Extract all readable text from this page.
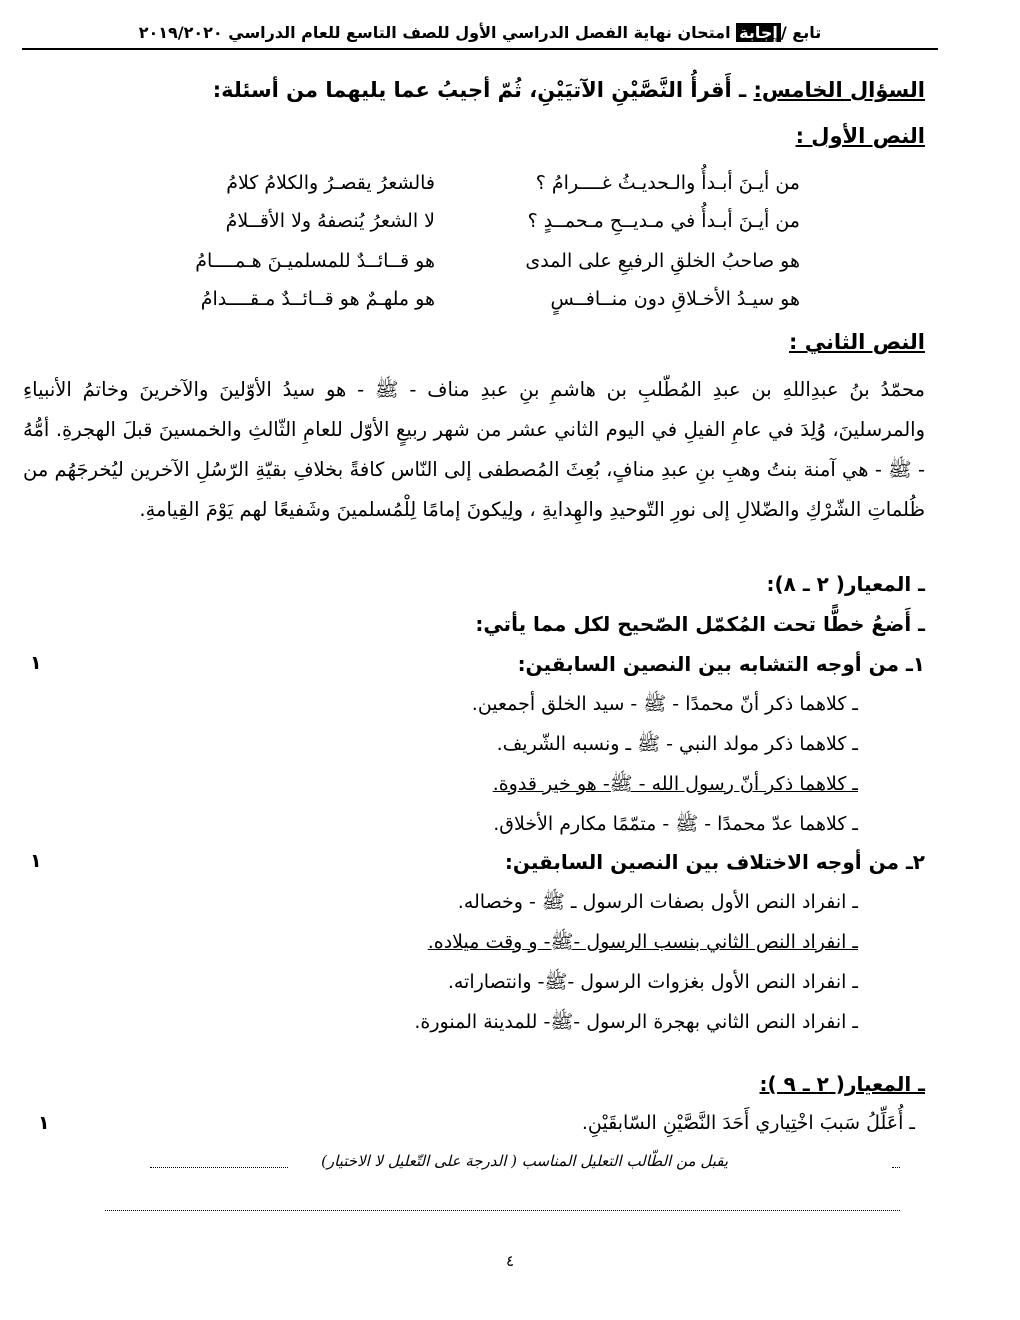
تابع /إجابة امتحان نهاية الفصل الدراسي الأول للصف التاسع للعام الدراسي ٢٠١٩/٢٠٢٠
السؤال الخامس: ـ أَقرأُ النَّصَّيْنِ الآتيَيْنِ، ثُمّ أجيبُ عما يليهما من أسئلة:
النص الأول :
من أيـنَ أبـدأُ والـحديـثُ غــــرامُ ؟
فالشعرُ يقصـرُ والكلامُ كلامُ
من أيـنَ أبـدأُ في مـديــحِ مـحمــدٍ ؟
لا الشعرُ يُنصفهُ ولا الأقــلامُ
هو صاحبُ الخلقِ الرفيعِ على المدى
هو قــائــدٌ للمسلميـنَ هـمــــامُ
هو سيـدُ الأخـلاقِ دون منــافــسٍ
هو ملهـمٌ هو قــائــدٌ مـقــــدامُ
النص الثاني :
محمّدُ بنُ عبدِاللهِ بن عبدِ المُطّلبِ بن هاشمِ بنِ عبدِ مناف - ﷺ - هو سيدُ الأوّلينَ والآخرينَ وخاتمُ الأنبياءِ والمرسلينَ، وُلِدَ في عامِ الفيلِ في اليوم الثاني عشر من شهر ربيعٍ الأوّل للعامِ الثّالثِ والخمسينَ قبلَ الهجرةِ. أمُّهُ - ﷺ - هي آمنة بنتُ وهبِ بنِ عبدِ منافٍ، بُعِثَ المُصطفى إلى النّاس كافةً بخلافِ بقيّةِ الرّسُلِ الآخرين ليُخرجَهُم من ظُلماتِ الشّرْكِ والضّلالِ إلى نورِ التّوحيدِ والهِدايةِ ، ولِيكونَ إمامًا لِلْمُسلمينَ وشَفيعًا لهم يَوْمَ القِيامةِ.
ـ المعيار( ٢ ـ ٨):
ـ أَضعُ خطًّا تحت المُكمّل الصّحيح لكل مما يأتي:
١ـ من أوجه التشابه بين النصين السابقين:
١
ـ كلاهما ذكر أنّ محمدًا - ﷺ - سيد الخلق أجمعين.
ـ كلاهما ذكر مولد النبي - ﷺ ـ ونسبه الشّريف.
ـ كلاهما ذكر أنّ رسول الله - ﷺ- هو خير قدوة.
ـ كلاهما عدّ محمدًا - ﷺ - متمّمًا مكارم الأخلاق.
٢ـ من أوجه الاختلاف بين النصين السابقين:
١
ـ انفراد النص الأول بصفات الرسول ـ ﷺ - وخصاله.
ـ انفراد النص الثاني بنسب الرسول -ﷺ- و وقت ميلاده.
ـ انفراد النص الأول بغزوات الرسول -ﷺ- وانتصاراته.
ـ انفراد النص الثاني بهجرة الرسول -ﷺ- للمدينة المنورة.
ـ المعيار( ٢ ـ ٩ ):
ـ أُعَلِّلُ سَببَ اخْتِياري أَحَدَ النَّصَّيْنِ السّابقَيْنِ.
١
يقبل من الطّالب التعليل المناسب ( الدرجة على التّعليل لا الاختيار)
٤
